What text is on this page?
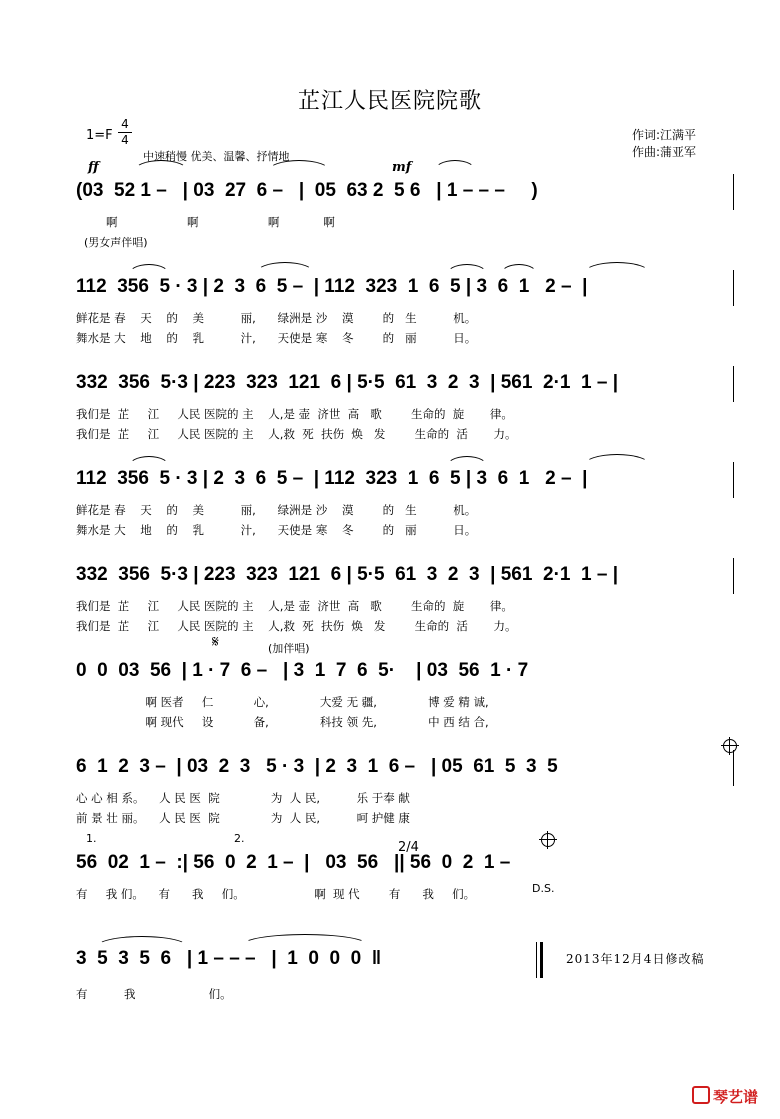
芷江人民医院院歌
1=F
4
4
中速稍慢 优美、温馨、抒情地
作词:江满平
作曲:蒲亚军
ff	mf
(03  52 1 –   | 03  27  6 –   |  05  63 2  5 6   | 1 – – –     )
啊                   啊                   啊            啊
(男女声伴唱)
112  356  5 · 3 | 2  3  6  5 –  | 112  323  1  6  5 | 3  6  1   2 –  |
鲜花是 春    天    的    美          丽,      绿洲是 沙    漠        的   生          机。
舞水是 大    地    的    乳          汁,      天使是 寒    冬        的   丽          日。
332  356  5·3 | 223  323  121  6 | 5·5  61  3  2  3  | 561  2·1  1 – |
我们是  芷     江     人民 医院的 主    人,是 壶  济世  高   歌        生命的  旋       律。
我们是  芷     江     人民 医院的 主    人,救  死  扶伤  焕   发        生命的  活       力。
112  356  5 · 3 | 2  3  6  5 –  | 112  323  1  6  5 | 3  6  1   2 –  |
鲜花是 春    天    的    美          丽,      绿洲是 沙    漠        的   生          机。
舞水是 大    地    的    乳          汁,      天使是 寒    冬        的   丽          日。
332  356  5·3 | 223  323  121  6 | 5·5  61  3  2  3  | 561  2·1  1 – |
我们是  芷     江     人民 医院的 主    人,是 壶  济世  高   歌        生命的  旋       律。
我们是  芷     江     人民 医院的 主    人,救  死  扶伤  焕   发        生命的  活       力。
𝄋	(加伴唱)
0  0  03  56  | 1 · 7  6 –   | 3  1  7  6  5·    | 03  56  1 · 7
啊 医者     仁           心,              大爱 无 疆,              博 爱 精 诚,
啊 现代     设           备,              科技 领 先,              中 西 结 合,
6  1  2  3 –  | 03  2  3   5 · 3  | 2  3  1  6 –   | 05  61  5  3  5
心 心 相 系。    人 民 医  院              为  人 民,          乐 于奉 献
前 景 壮 丽。    人 民 医  院              为  人 民,          呵 护健 康
1.	2.
2/4
56  02  1 –  :| 56  0  2  1 –  |   03  56   || 56  0  2  1 –
有     我 们。    有      我     们。                   啊  现 代        有      我     们。	D.S.
3  5  3  5  6   | 1 – – –   |  1  0  0  0  ‖
有          我                    们。
2013年12月4日修改稿
琴艺谱
